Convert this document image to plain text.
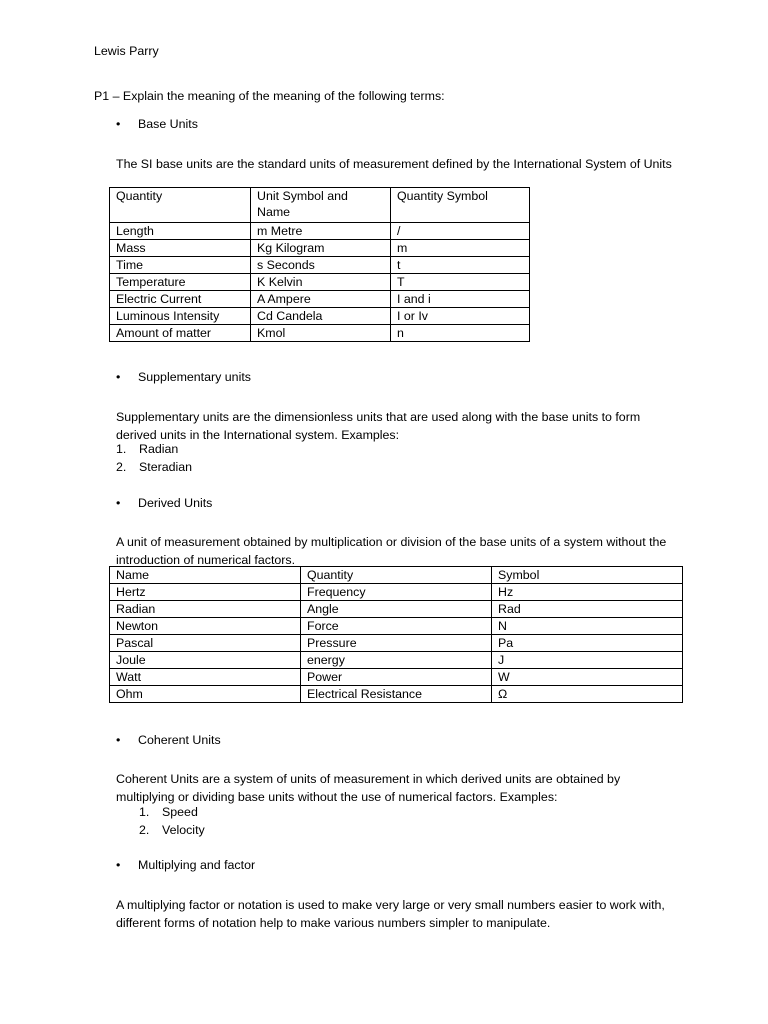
Lewis Parry

P1 – Explain the meaning of the meaning of the following terms:

•	Base Units

The SI base units are the standard units of measurement defined by the International System of Units

Quantity	Unit Symbol and Name	Quantity Symbol
Length	m Metre	/
Mass	Kg Kilogram	m
Time	s Seconds	t
Temperature	K Kelvin	T
Electric Current	A Ampere	I and i
Luminous Intensity	Cd Candela	I or Iv
Amount of matter	Kmol	n
•	Supplementary units

Supplementary units are the dimensionless units that are used along with the base units to form derived units in the International system. Examples:

1. Radian
2. Steradian
•	Derived Units

A unit of measurement obtained by multiplication or division of the base units of a system without the introduction of numerical factors.

Name	Quantity	Symbol
Hertz	Frequency	Hz
Radian	Angle	Rad
Newton	Force	N
Pascal	Pressure	Pa
Joule	energy	J
Watt	Power	W
Ohm	Electrical Resistance	Ω
•	Coherent Units

Coherent Units are a system of units of measurement in which derived units are obtained by multiplying or dividing base units without the use of numerical factors. Examples:

1. Speed
2. Velocity
•	Multiplying and factor

A multiplying factor or notation is used to make very large or very small numbers easier to work with, different forms of notation help to make various numbers simpler to manipulate.
